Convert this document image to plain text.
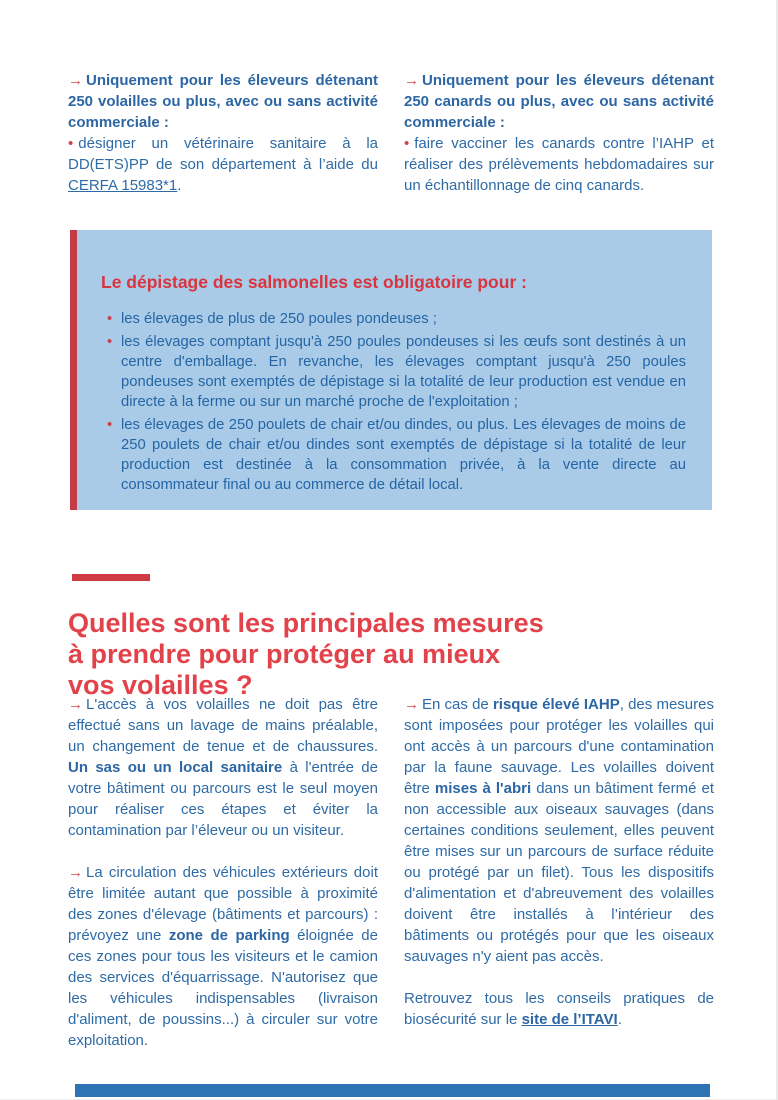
→ Uniquement pour les éleveurs détenant 250 volailles ou plus, avec ou sans activité commerciale :
• désigner un vétérinaire sanitaire à la DD(ETS)PP de son département à l’aide du CERFA 15983*1.
→ Uniquement pour les éleveurs détenant 250 canards ou plus, avec ou sans activité commerciale :
• faire vacciner les canards contre l’IAHP et réaliser des prélèvements hebdomadaires sur un échantillonnage de cinq canards.

Le dépistage des salmonelles est obligatoire pour :

• les élevages de plus de 250 poules pondeuses ;
• les élevages comptant jusqu'à 250 poules pondeuses si les œufs sont destinés à un centre d'emballage. En revanche, les élevages comptant jusqu'à 250 poules pondeuses sont exemptés de dépistage si la totalité de leur production est vendue en directe à la ferme ou sur un marché proche de l'exploitation ;
• les élevages de 250 poulets de chair et/ou dindes, ou plus. Les élevages de moins de 250 poulets de chair et/ou dindes sont exemptés de dépistage si la totalité de leur production est destinée à la consommation privée, à la vente directe au consommateur final ou au commerce de détail local.
Quelles sont les principales mesures
à prendre pour protéger au mieux
vos volailles ?

→ L'accès à vos volailles ne doit pas être effectué sans un lavage de mains préalable, un changement de tenue et de chaussures. Un sas ou un local sanitaire à l'entrée de votre bâtiment ou parcours est le seul moyen pour réaliser ces étapes et éviter la contamination par l’éleveur ou un visiteur.

→ La circulation des véhicules extérieurs doit être limitée autant que possible à proximité des zones d'élevage (bâtiments et parcours) : prévoyez une zone de parking éloignée de ces zones pour tous les visiteurs et le camion des services d'équarrissage. N'autorisez que les véhicules indispensables (livraison d'aliment, de poussins...) à circuler sur votre exploitation.

→ En cas de risque élevé IAHP, des mesures sont imposées pour protéger les volailles qui ont accès à un parcours d'une contamination par la faune sauvage. Les volailles doivent être mises à l'abri dans un bâtiment fermé et non accessible aux oiseaux sauvages (dans certaines conditions seulement, elles peuvent être mises sur un parcours de surface réduite ou protégé par un filet). Tous les dispositifs d'alimentation et d'abreuvement des volailles doivent être installés à l’intérieur des bâtiments ou protégés pour que les oiseaux sauvages n'y aient pas accès.

Retrouvez tous les conseils pratiques de biosécurité sur le site de l’ITAVI.
